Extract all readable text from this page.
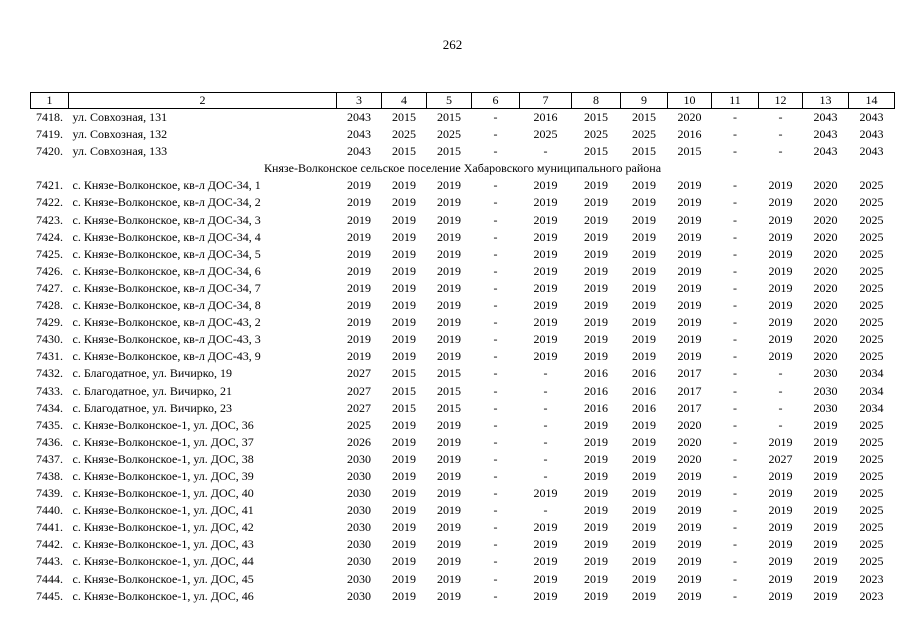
262
1	2	3	4	5	6	7	8	9	10	11	12	13	14
7418.	ул. Совхозная, 131	2043	2015	2015	-	2016	2015	2015	2020	-	-	2043	2043
7419.	ул. Совхозная, 132	2043	2025	2025	-	2025	2025	2025	2016	-	-	2043	2043
7420.	ул. Совхозная, 133	2043	2015	2015	-	-	2015	2015	2015	-	-	2043	2043
Князе-Волконское сельское поселение Хабаровского муниципального района													
7421.	с. Князе-Волконское, кв-л ДОС-34, 1	2019	2019	2019	-	2019	2019	2019	2019	-	2019	2020	2025
7422.	с. Князе-Волконское, кв-л ДОС-34, 2	2019	2019	2019	-	2019	2019	2019	2019	-	2019	2020	2025
7423.	с. Князе-Волконское, кв-л ДОС-34, 3	2019	2019	2019	-	2019	2019	2019	2019	-	2019	2020	2025
7424.	с. Князе-Волконское, кв-л ДОС-34, 4	2019	2019	2019	-	2019	2019	2019	2019	-	2019	2020	2025
7425.	с. Князе-Волконское, кв-л ДОС-34, 5	2019	2019	2019	-	2019	2019	2019	2019	-	2019	2020	2025
7426.	с. Князе-Волконское, кв-л ДОС-34, 6	2019	2019	2019	-	2019	2019	2019	2019	-	2019	2020	2025
7427.	с. Князе-Волконское, кв-л ДОС-34, 7	2019	2019	2019	-	2019	2019	2019	2019	-	2019	2020	2025
7428.	с. Князе-Волконское, кв-л ДОС-34, 8	2019	2019	2019	-	2019	2019	2019	2019	-	2019	2020	2025
7429.	с. Князе-Волконское, кв-л ДОС-43, 2	2019	2019	2019	-	2019	2019	2019	2019	-	2019	2020	2025
7430.	с. Князе-Волконское, кв-л ДОС-43, 3	2019	2019	2019	-	2019	2019	2019	2019	-	2019	2020	2025
7431.	с. Князе-Волконское, кв-л ДОС-43, 9	2019	2019	2019	-	2019	2019	2019	2019	-	2019	2020	2025
7432.	с. Благодатное, ул. Вичирко, 19	2027	2015	2015	-	-	2016	2016	2017	-	-	2030	2034
7433.	с. Благодатное, ул. Вичирко, 21	2027	2015	2015	-	-	2016	2016	2017	-	-	2030	2034
7434.	с. Благодатное, ул. Вичирко, 23	2027	2015	2015	-	-	2016	2016	2017	-	-	2030	2034
7435.	с. Князе-Волконское-1, ул. ДОС, 36	2025	2019	2019	-	-	2019	2019	2020	-	-	2019	2025
7436.	с. Князе-Волконское-1, ул. ДОС, 37	2026	2019	2019	-	-	2019	2019	2020	-	2019	2019	2025
7437.	с. Князе-Волконское-1, ул. ДОС, 38	2030	2019	2019	-	-	2019	2019	2020	-	2027	2019	2025
7438.	с. Князе-Волконское-1, ул. ДОС, 39	2030	2019	2019	-	-	2019	2019	2019	-	2019	2019	2025
7439.	с. Князе-Волконское-1, ул. ДОС, 40	2030	2019	2019	-	2019	2019	2019	2019	-	2019	2019	2025
7440.	с. Князе-Волконское-1, ул. ДОС, 41	2030	2019	2019	-	-	2019	2019	2019	-	2019	2019	2025
7441.	с. Князе-Волконское-1, ул. ДОС, 42	2030	2019	2019	-	2019	2019	2019	2019	-	2019	2019	2025
7442.	с. Князе-Волконское-1, ул. ДОС, 43	2030	2019	2019	-	2019	2019	2019	2019	-	2019	2019	2025
7443.	с. Князе-Волконское-1, ул. ДОС, 44	2030	2019	2019	-	2019	2019	2019	2019	-	2019	2019	2025
7444.	с. Князе-Волконское-1, ул. ДОС, 45	2030	2019	2019	-	2019	2019	2019	2019	-	2019	2019	2023
7445.	с. Князе-Волконское-1, ул. ДОС, 46	2030	2019	2019	-	2019	2019	2019	2019	-	2019	2019	2023
